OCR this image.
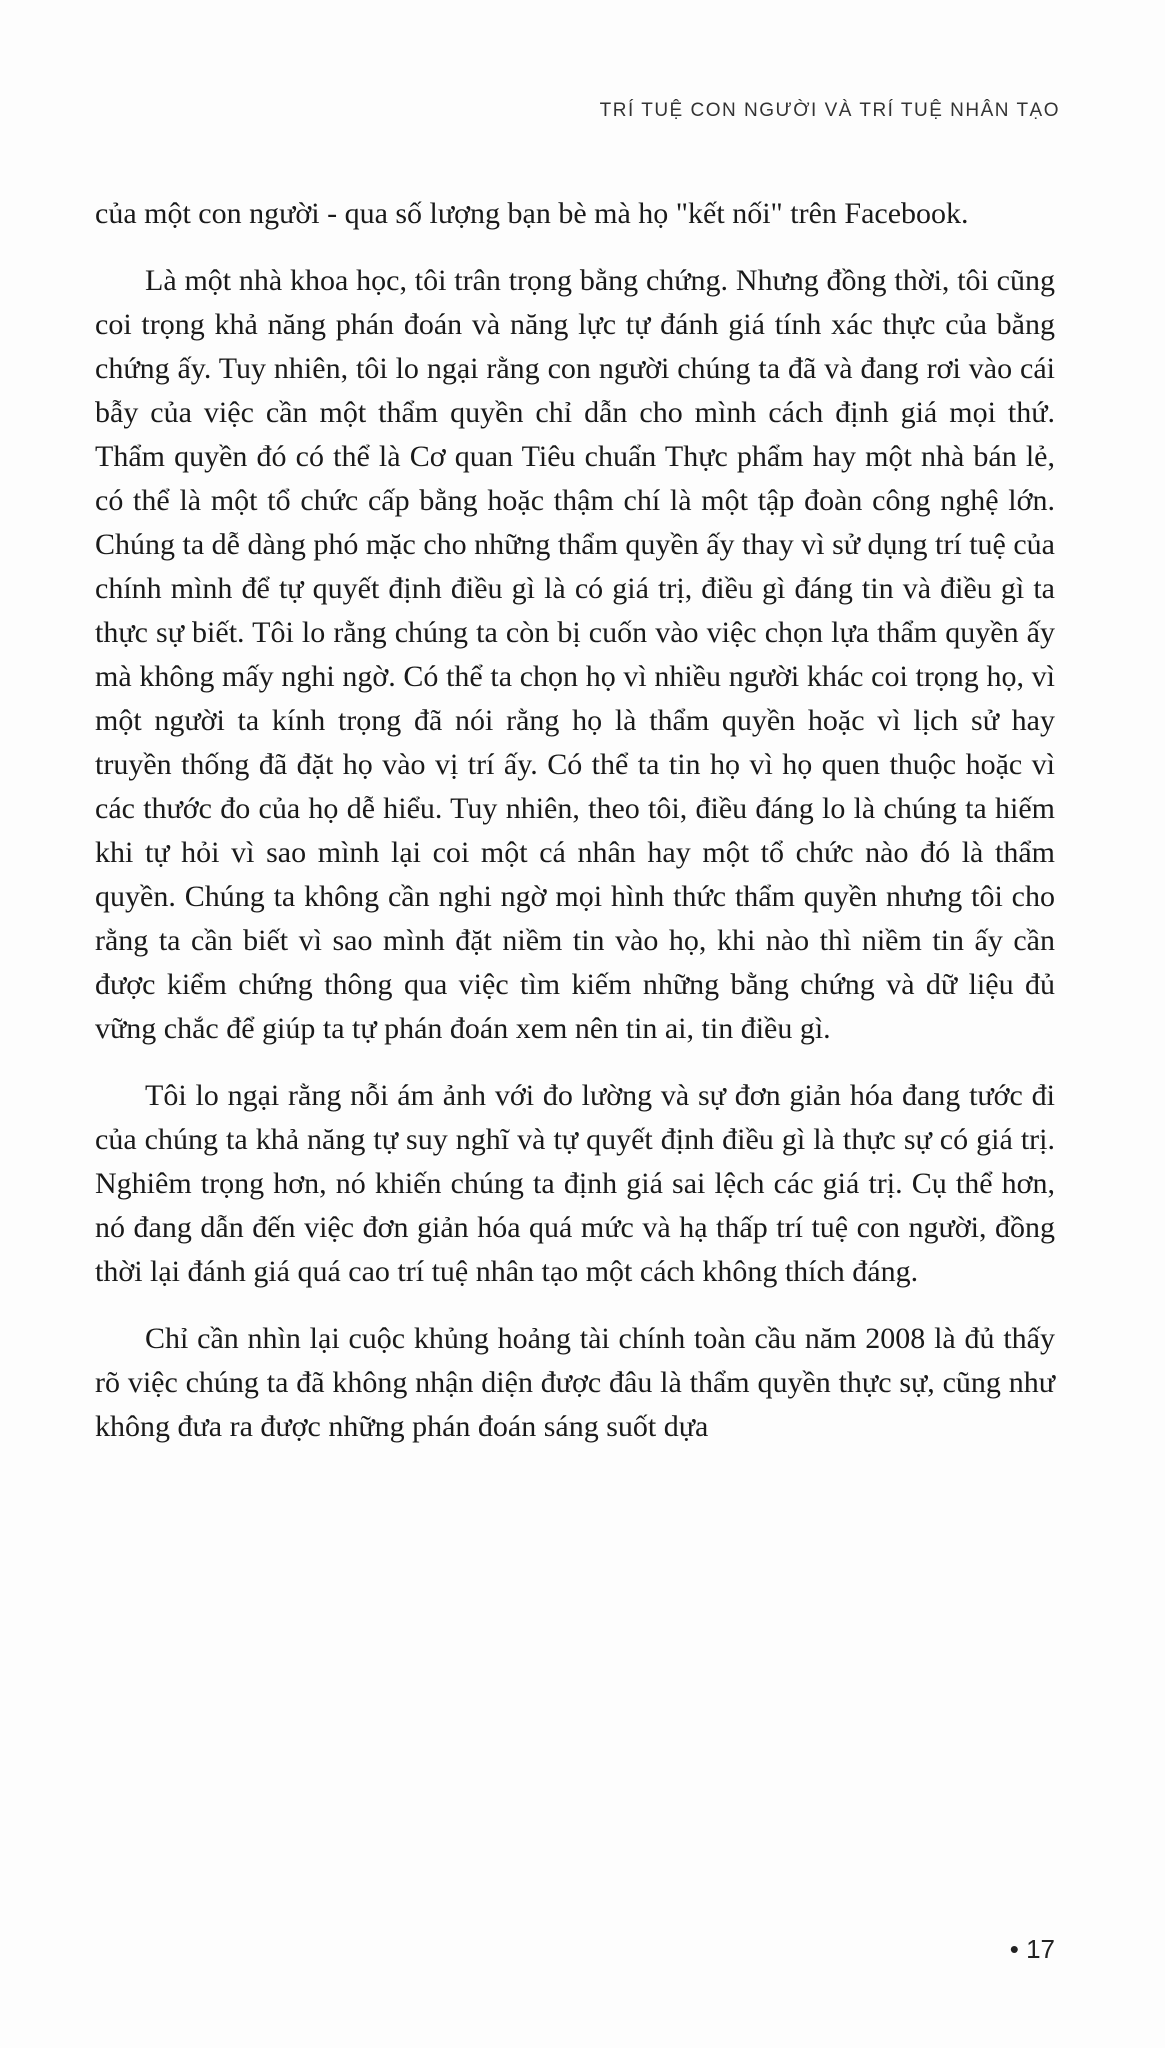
TRÍ TUỆ CON NGƯỜI VÀ TRÍ TUỆ NHÂN TẠO

của một con người - qua số lượng bạn bè mà họ "kết nối" trên Facebook.

Là một nhà khoa học, tôi trân trọng bằng chứng. Nhưng đồng thời, tôi cũng coi trọng khả năng phán đoán và năng lực tự đánh giá tính xác thực của bằng chứng ấy. Tuy nhiên, tôi lo ngại rằng con người chúng ta đã và đang rơi vào cái bẫy của việc cần một thẩm quyền chỉ dẫn cho mình cách định giá mọi thứ. Thẩm quyền đó có thể là Cơ quan Tiêu chuẩn Thực phẩm hay một nhà bán lẻ, có thể là một tổ chức cấp bằng hoặc thậm chí là một tập đoàn công nghệ lớn. Chúng ta dễ dàng phó mặc cho những thẩm quyền ấy thay vì sử dụng trí tuệ của chính mình để tự quyết định điều gì là có giá trị, điều gì đáng tin và điều gì ta thực sự biết. Tôi lo rằng chúng ta còn bị cuốn vào việc chọn lựa thẩm quyền ấy mà không mấy nghi ngờ. Có thể ta chọn họ vì nhiều người khác coi trọng họ, vì một người ta kính trọng đã nói rằng họ là thẩm quyền hoặc vì lịch sử hay truyền thống đã đặt họ vào vị trí ấy. Có thể ta tin họ vì họ quen thuộc hoặc vì các thước đo của họ dễ hiểu. Tuy nhiên, theo tôi, điều đáng lo là chúng ta hiếm khi tự hỏi vì sao mình lại coi một cá nhân hay một tổ chức nào đó là thẩm quyền. Chúng ta không cần nghi ngờ mọi hình thức thẩm quyền nhưng tôi cho rằng ta cần biết vì sao mình đặt niềm tin vào họ, khi nào thì niềm tin ấy cần được kiểm chứng thông qua việc tìm kiếm những bằng chứng và dữ liệu đủ vững chắc để giúp ta tự phán đoán xem nên tin ai, tin điều gì.

Tôi lo ngại rằng nỗi ám ảnh với đo lường và sự đơn giản hóa đang tước đi của chúng ta khả năng tự suy nghĩ và tự quyết định điều gì là thực sự có giá trị. Nghiêm trọng hơn, nó khiến chúng ta định giá sai lệch các giá trị. Cụ thể hơn, nó đang dẫn đến việc đơn giản hóa quá mức và hạ thấp trí tuệ con người, đồng thời lại đánh giá quá cao trí tuệ nhân tạo một cách không thích đáng.

Chỉ cần nhìn lại cuộc khủng hoảng tài chính toàn cầu năm 2008 là đủ thấy rõ việc chúng ta đã không nhận diện được đâu là thẩm quyền thực sự, cũng như không đưa ra được những phán đoán sáng suốt dựa

• 17
